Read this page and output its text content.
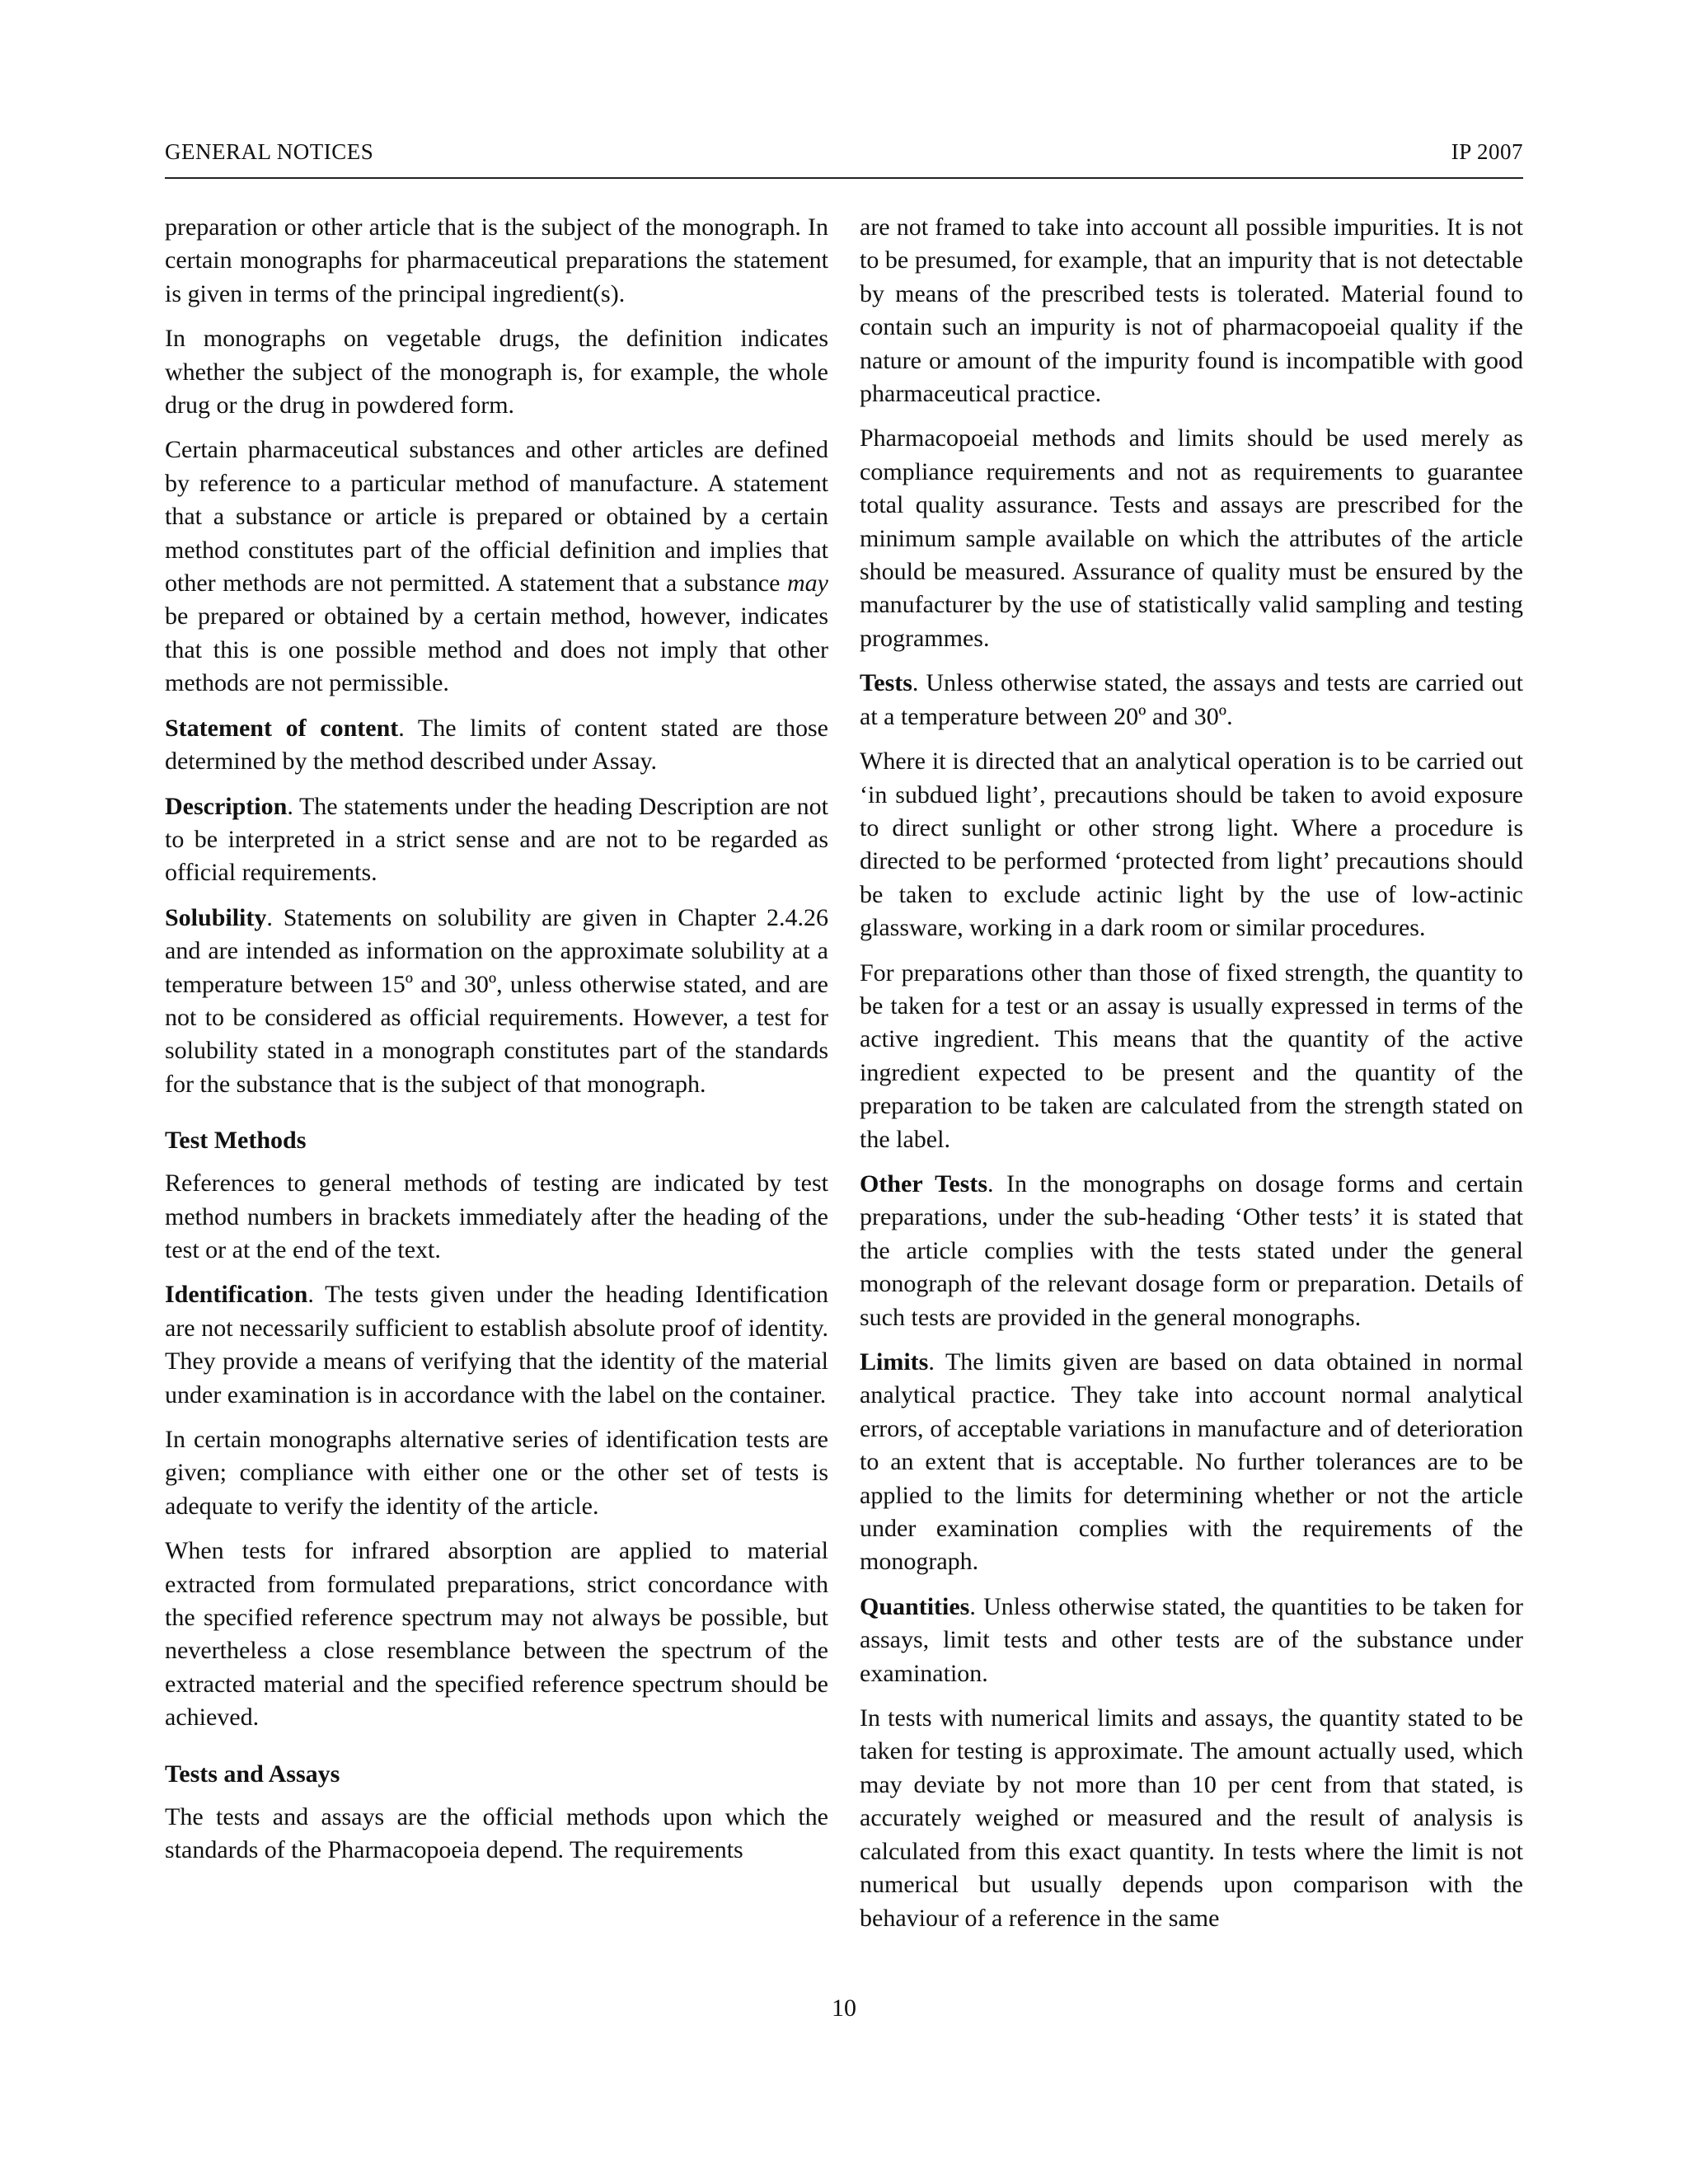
GENERAL NOTICES	IP 2007

preparation or other article that is the subject of the monograph. In certain monographs for pharmaceutical preparations the statement is given in terms of the principal ingredient(s).

In monographs on vegetable drugs, the definition indicates whether the subject of the monograph is, for example, the whole drug or the drug in powdered form.

Certain pharmaceutical substances and other articles are defined by reference to a particular method of manufacture. A statement that a substance or article is prepared or obtained by a certain method constitutes part of the official definition and implies that other methods are not permitted. A statement that a substance may be prepared or obtained by a certain method, however, indicates that this is one possible method and does not imply that other methods are not permissible.

Statement of content. The limits of content stated are those determined by the method described under Assay.

Description. The statements under the heading Description are not to be interpreted in a strict sense and are not to be regarded as official requirements.

Solubility. Statements on solubility are given in Chapter 2.4.26 and are intended as information on the approximate solubility at a temperature between 15º and 30º, unless otherwise stated, and are not to be considered as official requirements. However, a test for solubility stated in a monograph constitutes part of the standards for the substance that is the subject of that monograph.

Test Methods

References to general methods of testing are indicated by test method numbers in brackets immediately after the heading of the test or at the end of the text.

Identification. The tests given under the heading Identification are not necessarily sufficient to establish absolute proof of identity. They provide a means of verifying that the identity of the material under examination is in accordance with the label on the container.

In certain monographs alternative series of identification tests are given; compliance with either one or the other set of tests is adequate to verify the identity of the article.

When tests for infrared absorption are applied to material extracted from formulated preparations, strict concordance with the specified reference spectrum may not always be possible, but nevertheless a close resemblance between the spectrum of the extracted material and the specified reference spectrum should be achieved.

Tests and Assays

The tests and assays are the official methods upon which the standards of the Pharmacopoeia depend. The requirements

are not framed to take into account all possible impurities. It is not to be presumed, for example, that an impurity that is not detectable by means of the prescribed tests is tolerated. Material found to contain such an impurity is not of pharmacopoeial quality if the nature or amount of the impurity found is incompatible with good pharmaceutical practice.

Pharmacopoeial methods and limits should be used merely as compliance requirements and not as requirements to guarantee total quality assurance. Tests and assays are prescribed for the minimum sample available on which the attributes of the article should be measured. Assurance of quality must be ensured by the manufacturer by the use of statistically valid sampling and testing programmes.

Tests. Unless otherwise stated, the assays and tests are carried out at a temperature between 20º and 30º.

Where it is directed that an analytical operation is to be carried out ‘in subdued light’, precautions should be taken to avoid exposure to direct sunlight or other strong light. Where a procedure is directed to be performed ‘protected from light’ precautions should be taken to exclude actinic light by the use of low-actinic glassware, working in a dark room or similar procedures.

For preparations other than those of fixed strength, the quantity to be taken for a test or an assay is usually expressed in terms of the active ingredient. This means that the quantity of the active ingredient expected to be present and the quantity of the preparation to be taken are calculated from the strength stated on the label.

Other Tests. In the monographs on dosage forms and certain preparations, under the sub-heading ‘Other tests’ it is stated that the article complies with the tests stated under the general monograph of the relevant dosage form or preparation. Details of such tests are provided in the general monographs.

Limits. The limits given are based on data obtained in normal analytical practice. They take into account normal analytical errors, of acceptable variations in manufacture and of deterioration to an extent that is acceptable. No further tolerances are to be applied to the limits for determining whether or not the article under examination complies with the requirements of the monograph.

Quantities. Unless otherwise stated, the quantities to be taken for assays, limit tests and other tests are of the substance under examination.

In tests with numerical limits and assays, the quantity stated to be taken for testing is approximate. The amount actually used, which may deviate by not more than 10 per cent from that stated, is accurately weighed or measured and the result of analysis is calculated from this exact quantity. In tests where the limit is not numerical but usually depends upon comparison with the behaviour of a reference in the same

10
